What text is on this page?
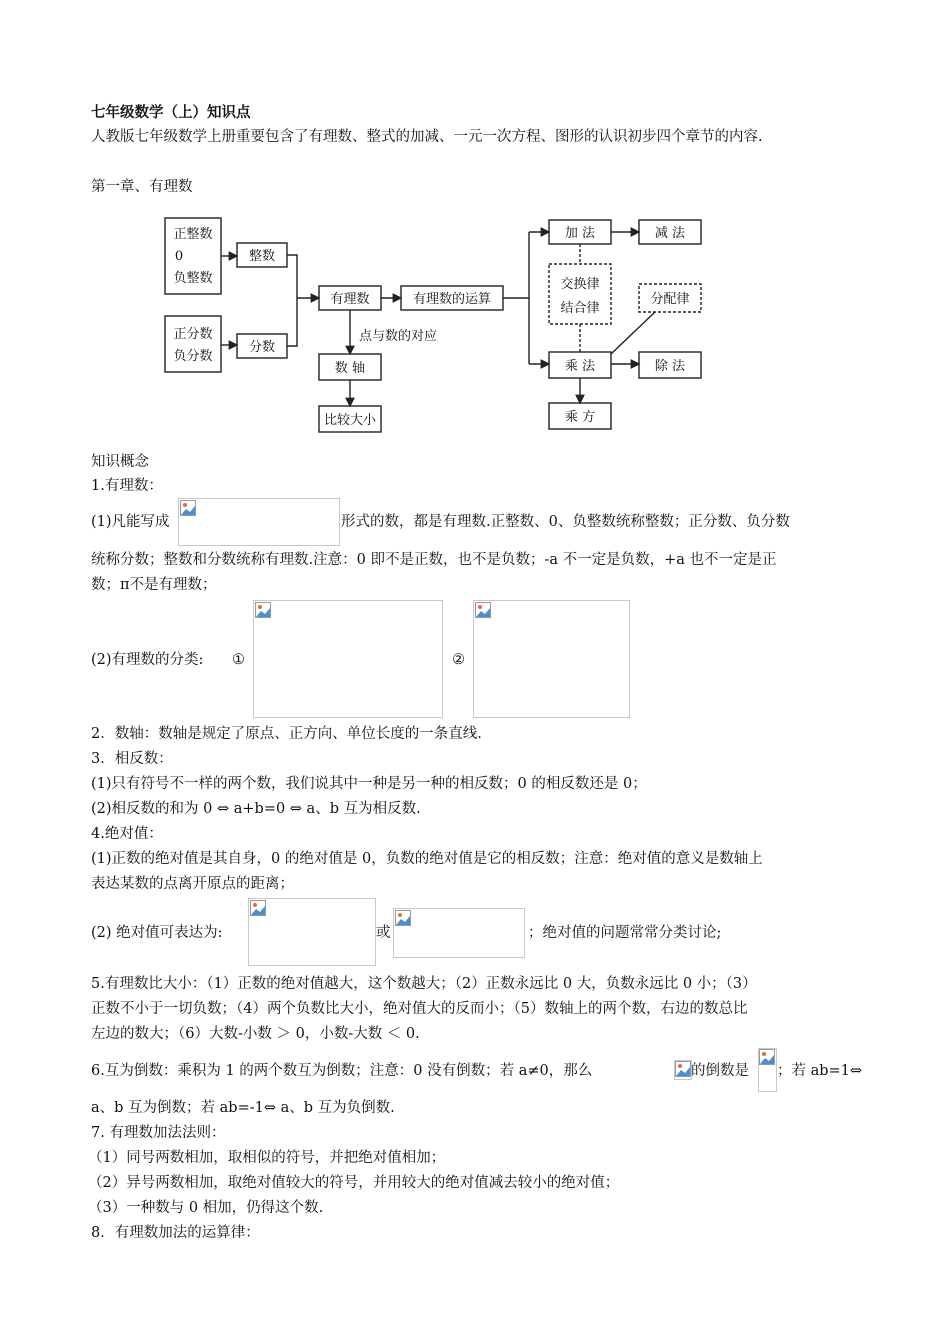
七年级数学（上）知识点
人教版七年级数学上册重要包含了有理数、整式的加减、一元一次方程、图形的认识初步四个章节的内容.
第一章、有理数
正整数
0
负整数
正分数
负分数
整数
分数
有理数	有理数的运算
点与数的对应
数 轴
比较大小
加 法	减 法
交换律
结合律
分配律
乘 法	除 法
乘 方
知识概念
1.有理数：
(1)凡能写成	形式的数，都是有理数.正整数、0、负整数统称整数；正分数、负分数
统称分数；整数和分数统称有理数.注意：0 即不是正数，也不是负数；-a 不一定是负数，+a 也不一定是正
数；π不是有理数；
(2)有理数的分类:	①	②
2．数轴：数轴是规定了原点、正方向、单位长度的一条直线.
3．相反数：
(1)只有符号不一样的两个数，我们说其中一种是另一种的相反数；0 的相反数还是 0；
(2)相反数的和为 0 ⇔ a+b=0 ⇔ a、b 互为相反数.
4.绝对值：
(1)正数的绝对值是其自身，0 的绝对值是 0，负数的绝对值是它的相反数；注意：绝对值的意义是数轴上
表达某数的点离开原点的距离；
(2) 绝对值可表达为:	或	；绝对值的问题常常分类讨论;
5.有理数比大小：（1）正数的绝对值越大，这个数越大；（2）正数永远比 0 大，负数永远比 0 小；（3）
正数不小于一切负数；（4）两个负数比大小，绝对值大的反而小；（5）数轴上的两个数，右边的数总比
左边的数大；（6）大数-小数 ＞ 0，小数-大数 ＜ 0.
6.互为倒数：乘积为 1 的两个数互为倒数；注意：0 没有倒数；若 a≠0，那么	的倒数是	；若 ab=1⇔
a、b 互为倒数；若 ab=-1⇔ a、b 互为负倒数.
7. 有理数加法法则：
（1）同号两数相加，取相似的符号，并把绝对值相加；
（2）异号两数相加，取绝对值较大的符号，并用较大的绝对值减去较小的绝对值；
（3）一种数与 0 相加，仍得这个数.
8．有理数加法的运算律：
